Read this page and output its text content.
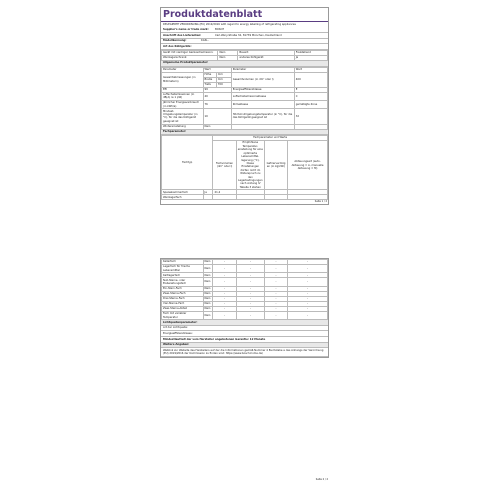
Produktdatenblatt
DELEGIERTE VERORDNUNG (EU) 2019/2016 with regard to energy labelling of refrigerating appliances
Supplier's name or trade mark:	BOSCH
Anschrift des Lieferanten:	Carl-Wery-Straße 34, 81739 München, Deutschland
Modellkennung:	KGN...
Art des Kühlgeräts:
Gerät mit niedriger Geräuschemission:	Nein	Bauart:	Freistehend
Weinlagerschrank:	Nein	anderes Kühlgerät:	Ja
Allgemeine Produktparameter:
Parameter	Wert		Parameter	Wert
Gesamtabmessungen (in Millimetern)	Höhe	mm	Gesamtvolumen (in dm³ oder l)	400
	Breite	mm		
	Tiefe	700		
EEI	99		Energieeffizienzklasse	E
Luftschallemissionen (in dB(A) re 1 pW)	40		Luftschallemissionsklasse	C
Jährlicher Energieverbrauch (in kWh/a)	76		Klimaklasse	gemäßigte Zone
Mindest-Umgebungstemperatur (in °C), für die das Kühlgerät geeignet ist	10		Höchst-Umgebungstemperatur (in °C), für die das Kühlgerät geeignet ist	32
Wintereinstellung	Nein			
Fachparameter:
Fachtyp		Fachparameter und Werte			
		Fachvolumen (dm³ oder l)	Empfohlene Temperatur-einstellung für eine optimierte Lebensmittel-lagerung (°C). Diese Einstellungen dürfen nicht im Widerspruch zu den Lagerbedingungen nach Anhang IV Tabelle 3 stehen	Gefriervermögen (in kg/24h)	Abtauungsart (auto-Abtauung = A, manuelle Abtauung = M)
Speisekammerfach	Ja	21,2			
Weinlagerfach					
Seite 1 / 2
Kellerfach	Nein	-	-	-	-
Lagerfach für frische Lebensmittel	Nein	-	-	-	-
Kaltlagerfach	Nein	-	-	-	-
Null-Sterne- oder Eisbereitungsfach	Nein	-	-	-	-
Ein-Stern-Fach	Nein	-	-	-	-
Zwei-Sterne-Fach	Nein	-	-	-	-
Drei-Sterne-Fach	Nein	-	-	-	-
Vier-Sterne-Fach	Nein	-	-	-	-
Zwei-Sterne-Abteil	Nein	-	-	-	-
Fach mit variabler Temperatur	Nein	-	-	-	-
Lichtquellenparameter:
Art der Lichtquelle:
Energieeffizienzklasse:
Mindestlaufzeit der vom Hersteller angebotenen Garantie: 12 Monate
Weitere Angaben:
Weblink zur Website des Herstellers auf der die Informationen gemäß Nummer 4 Buchstabe a des Anhangs der Verordnung (EU) 2019/2016 der Kommission zu finden sind: https://www.bosch-home.de/
Seite 2 / 2
